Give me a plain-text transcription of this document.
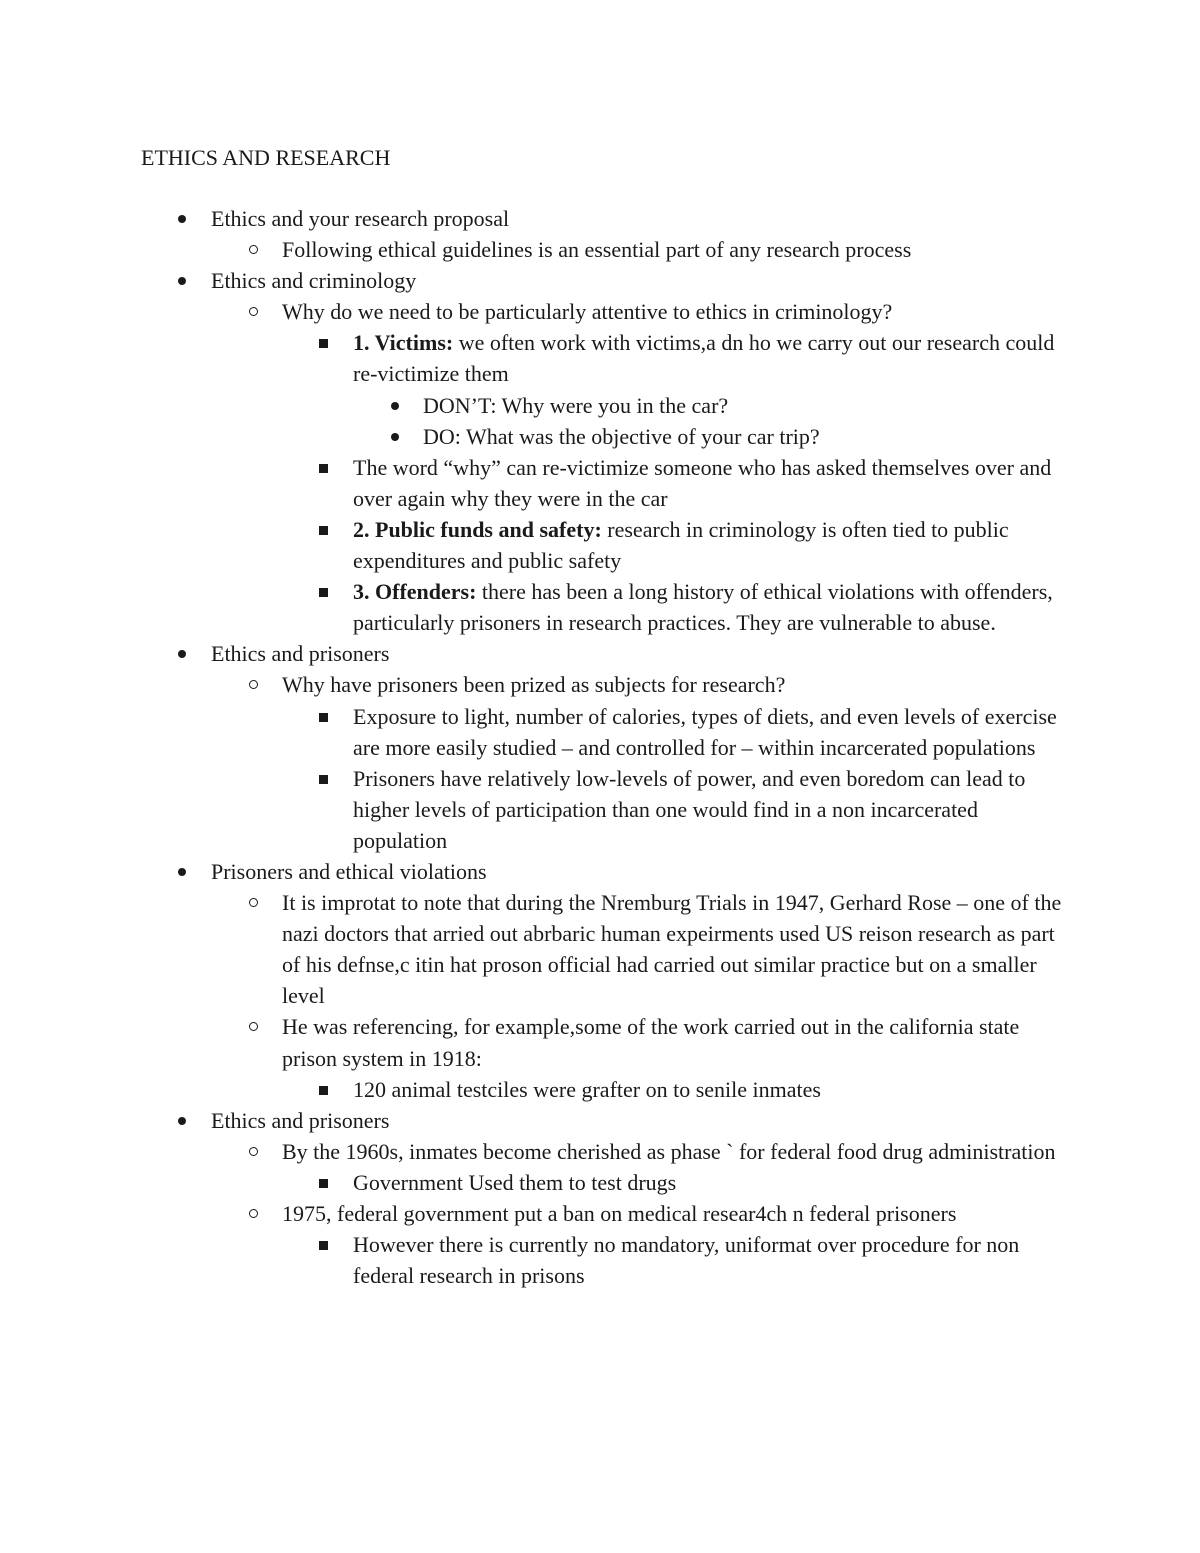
ETHICS AND RESEARCH
Ethics and your research proposal
Following ethical guidelines is an essential part of any research process
Ethics and criminology
Why do we need to be particularly attentive to ethics in criminology?
1. Victims: we often work with victims,a dn ho we carry out our research could re-victimize them
DON’T: Why were you in the car?
DO: What was the objective of your car trip?
The word “why” can re-victimize someone who has asked themselves over and over again why they were in the car
2. Public funds and safety: research in criminology is often tied to public expenditures and public safety
3. Offenders: there has been a long history of ethical violations with offenders, particularly prisoners in research practices. They are vulnerable to abuse.
Ethics and prisoners
Why have prisoners been prized as subjects for research?
Exposure to light, number of calories, types of diets, and even levels of exercise are more easily studied – and controlled for – within incarcerated populations
Prisoners have relatively low-levels of power, and even boredom can lead to higher levels of participation than one would find in a non incarcerated population
Prisoners and ethical violations
It is improtat to note that during the Nremburg Trials in 1947, Gerhard Rose – one of the nazi doctors that arried out abrbaric human expeirments used US reison research as part of his defnse,c itin hat proson official had carried out similar practice but on a smaller level
He was referencing, for example,some of the work carried out in the california state prison system in 1918:
120 animal testciles were grafter on to senile inmates
Ethics and prisoners
By the 1960s, inmates become cherished as phase ` for federal food drug administration
Government Used them to test drugs
1975, federal government put a ban on medical resear4ch n federal prisoners
However there is currently no mandatory, uniformat over procedure for non federal research in prisons
